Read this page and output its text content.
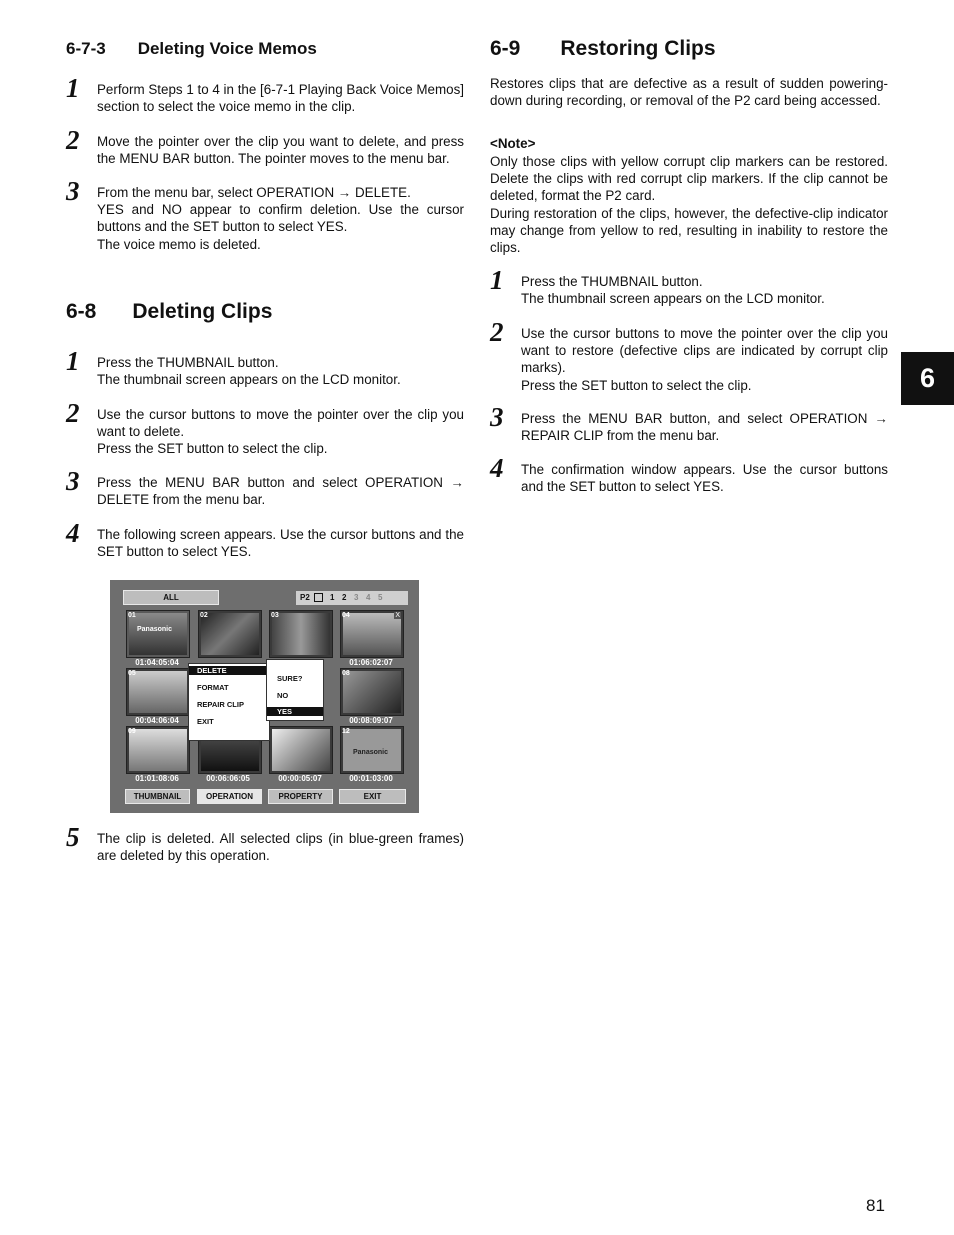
6-7-3 Deleting Voice Memos
1 Perform Steps 1 to 4 in the [6-7-1 Playing Back Voice Memos] section to select the voice memo in the clip.
2 Move the pointer over the clip you want to delete, and press the MENU BAR button. The pointer moves to the menu bar.
3 From the menu bar, select OPERATION → DELETE.
YES and NO appear to confirm deletion. Use the cursor buttons and the SET button to select YES.
The voice memo is deleted.
6-8 Deleting Clips
1 Press the THUMBNAIL button.
The thumbnail screen appears on the LCD monitor.
2 Use the cursor buttons to move the pointer over the clip you want to delete.
Press the SET button to select the clip.
3 Press the MENU BAR button and select OPERATION → DELETE from the menu bar.
4 The following screen appears. Use the cursor buttons and the SET button to select YES.
5 The clip is deleted. All selected clips (in blue-green frames) are deleted by this operation.
ALL	P2	1 2 3 4 5
01
Panasonic
02	03	04	X
01:04:05:04	01:06:02:07
05	08
00:04:06:04	00:08:09:07
09	12
Panasonic
01:01:08:06	00:06:06:05	00:00:05:07	00:01:03:00
DELETE
FORMAT
REPAIR CLIP
EXIT
SURE?
NO
YES
THUMBNAIL	OPERATION	PROPERTY	EXIT
6-9 Restoring Clips
Restores clips that are defective as a result of sudden powering-down during recording, or removal of the P2 card being accessed.
<Note>
Only those clips with yellow corrupt clip markers can be restored. Delete the clips with red corrupt clip markers. If the clip cannot be deleted, format the P2 card.
During restoration of the clips, however, the defective-clip indicator may change from yellow to red, resulting in inability to restore the clips.
1 Press the THUMBNAIL button.
The thumbnail screen appears on the LCD monitor.
2 Use the cursor buttons to move the pointer over the clip you want to restore (defective clips are indicated by corrupt clip marks).
Press the SET button to select the clip.
3 Press the MENU BAR button, and select OPERATION → REPAIR CLIP from the menu bar.
4 The confirmation window appears. Use the cursor buttons and the SET button to select YES.
6
81
